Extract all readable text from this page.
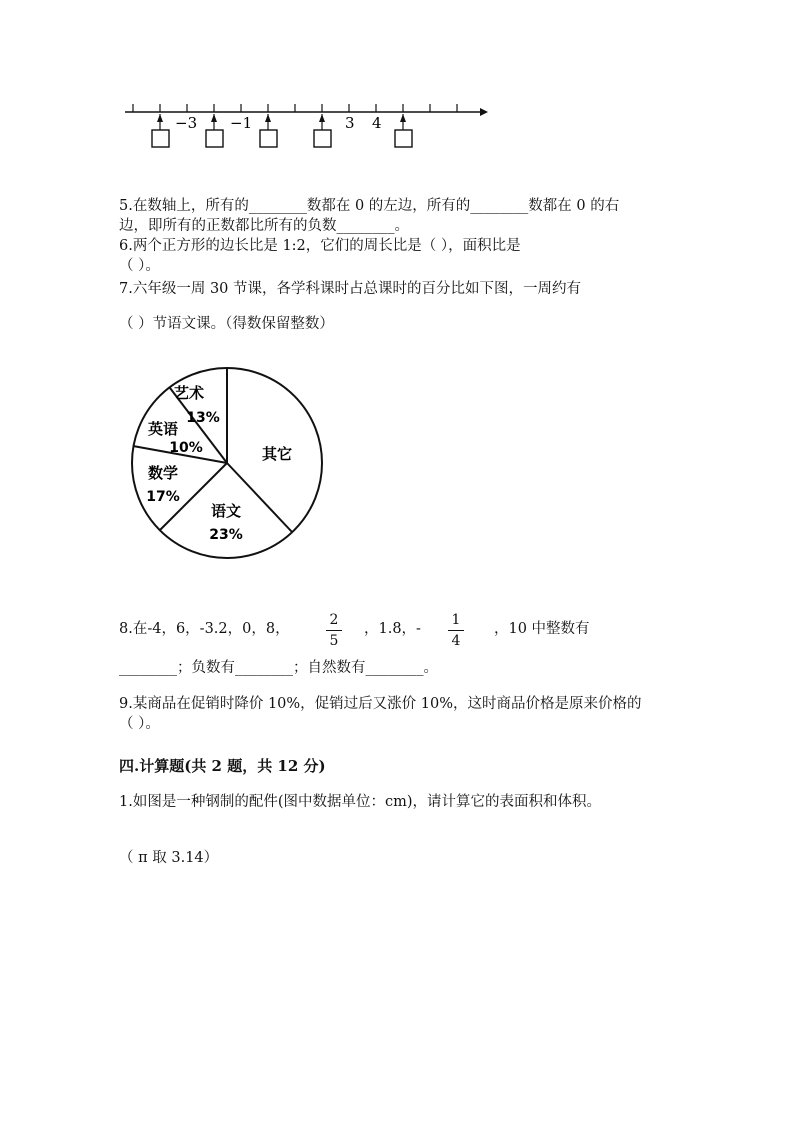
−3 −1	3 4
5.在数轴上，所有的________数都在 0 的左边，所有的________数都在 0 的右
边，即所有的正数都比所有的负数________。
6.两个正方形的边长比是 1:2，它们的周长比是（ ），面积比是
（ ）。
7.六年级一周 30 节课，各学科课时占总课时的百分比如下图，一周约有
（ ）节语文课。（得数保留整数）
艺术
13%
英语
10%
数学
17%
语文
23%
其它
8.在-4，6，-3.2，0，8，
2
5
，1.8，-
1
4
，10 中整数有
________；负数有________；自然数有________。
9.某商品在促销时降价 10%，促销过后又涨价 10%，这时商品价格是原来价格的
（ ）。
四.计算题(共 2 题，共 12 分)
1.如图是一种钢制的配件(图中数据单位：cm)，请计算它的表面积和体积。
（ π 取 3.14）
